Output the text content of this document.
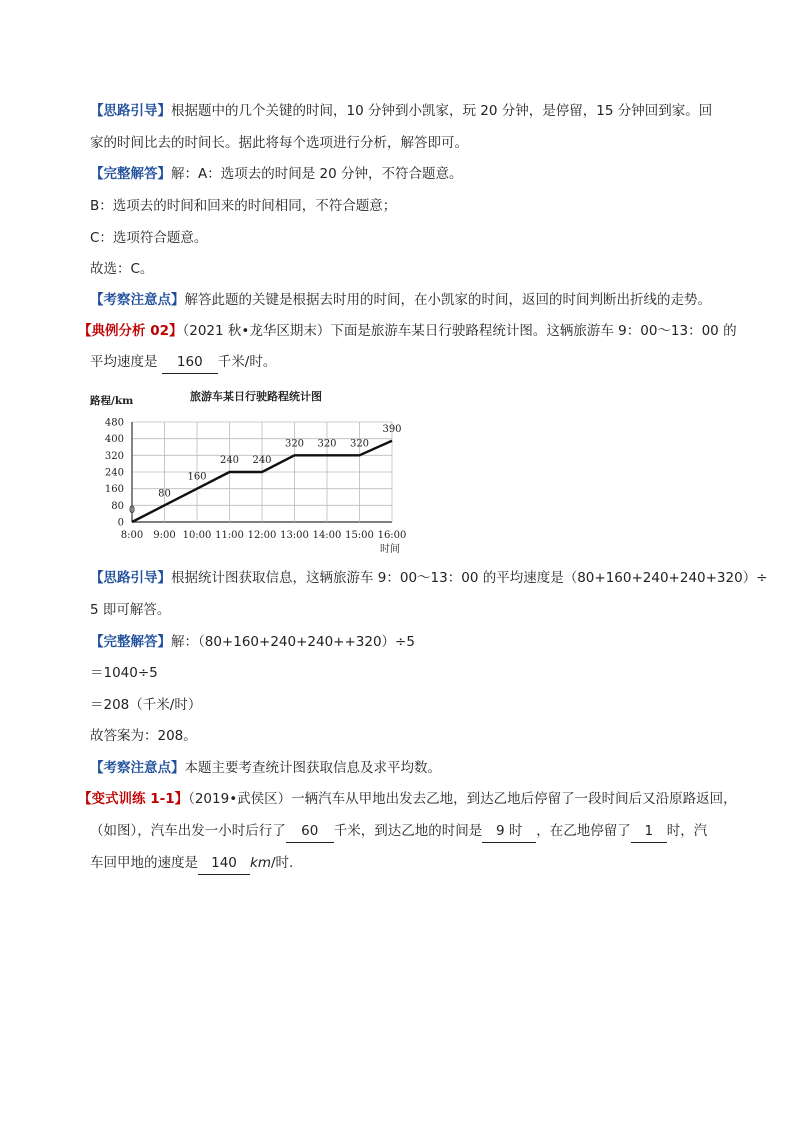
【思路引导】根据题中的几个关键的时间，10 分钟到小凯家，玩 20 分钟，是停留，15 分钟回到家。回
家的时间比去的时间长。据此将每个选项进行分析，解答即可。
【完整解答】解：A：选项去的时间是 20 分钟，不符合题意。
B：选项去的时间和回来的时间相同，不符合题意；
C：选项符合题意。
故选：C。
【考察注意点】解答此题的关键是根据去时用的时间，在小凯家的时间，返回的时间判断出折线的走势。
【典例分析 02】（2021 秋•龙华区期末）下面是旅游车某日行驶路程统计图。这辆旅游车 9：00～13：00 的
平均速度是 160 千米/时。
路程/km	旅游车某日行驶路程统计图
时间
0
80
160
240
320
400
480
8:00 9:00 10:00 11:00 12:00 13:00 14:00 15:00 16:00
0
80
160
240 240
320 320 320
390
【思路引导】根据统计图获取信息，这辆旅游车 9：00～13：00 的平均速度是（80+160+240+240+320）÷
5 即可解答。
【完整解答】解：（80+160+240+240++320）÷5
＝1040÷5
＝208（千米/时）
故答案为：208。
【考察注意点】本题主要考查统计图获取信息及求平均数。
【变式训练 1-1】（2019•武侯区）一辆汽车从甲地出发去乙地，到达乙地后停留了一段时间后又沿原路返回，
（如图），汽车出发一小时后行了 60 千米，到达乙地的时间是 9 时 ，在乙地停留了 1 时，汽
车回甲地的速度是 140 km/时.
